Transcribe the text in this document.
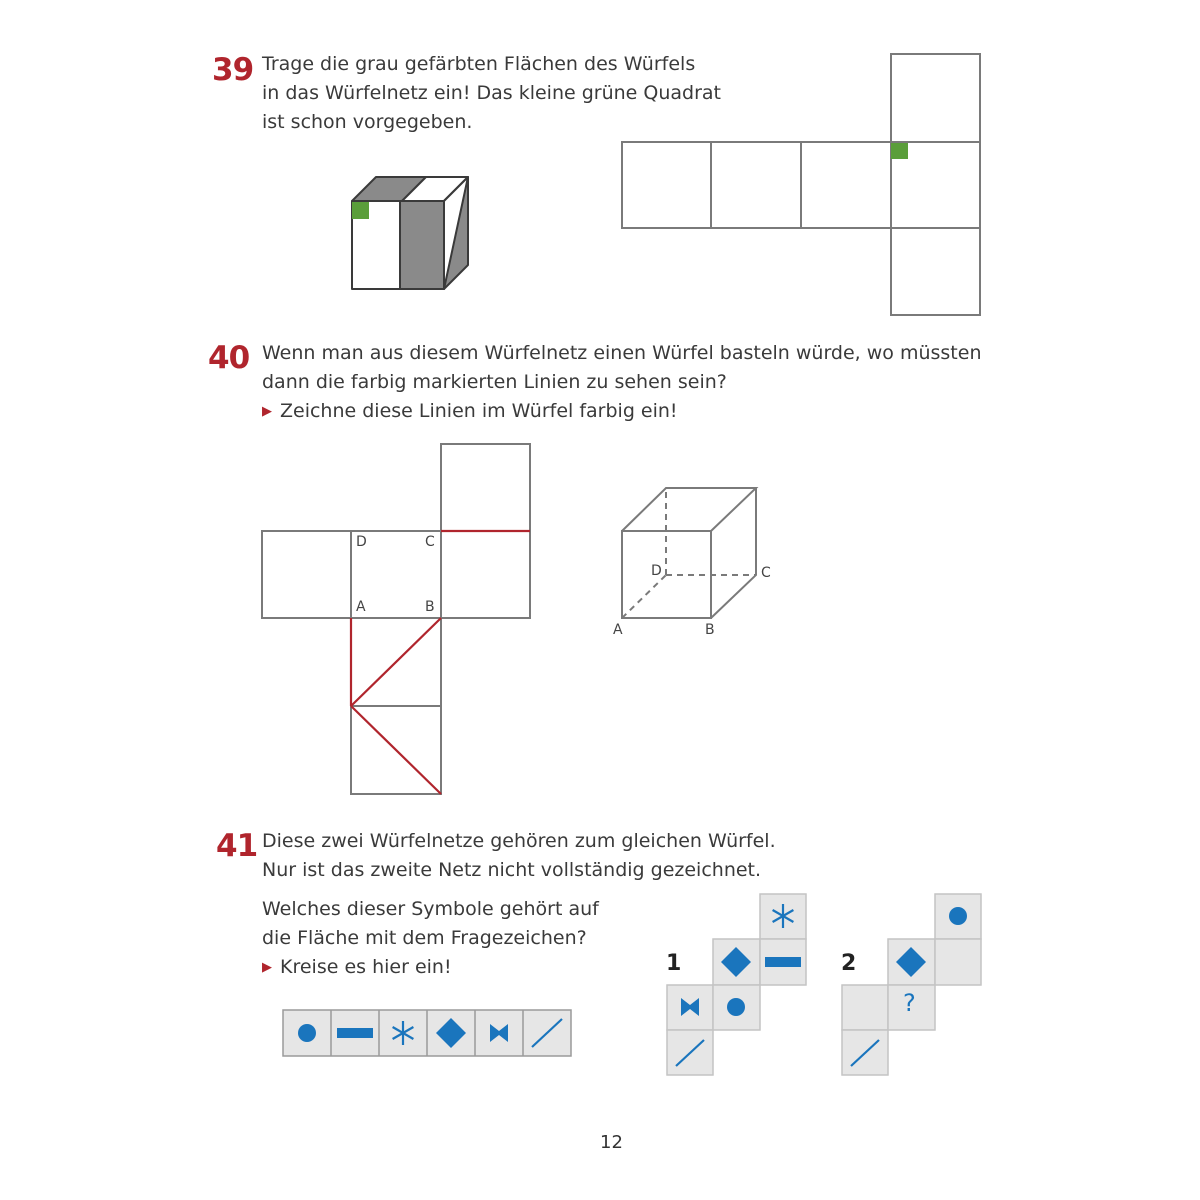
39 Trage die grau gefärbten Flächen des Würfels
in das Würfelnetz ein! Das kleine grüne Quadrat
ist schon vorgegeben.
40 Wenn man aus diesem Würfelnetz einen Würfel basteln würde, wo müssten
dann die farbig markierten Linien zu sehen sein?
▶ Zeichne diese Linien im Würfel farbig ein!
41 Diese zwei Würfelnetze gehören zum gleichen Würfel.
Nur ist das zweite Netz nicht vollständig gezeichnet.
Welches dieser Symbole gehört auf
die Fläche mit dem Fragezeichen?
▶ Kreise es hier ein!
D	C
A	B
D	C
A	B
1	2
?
12
